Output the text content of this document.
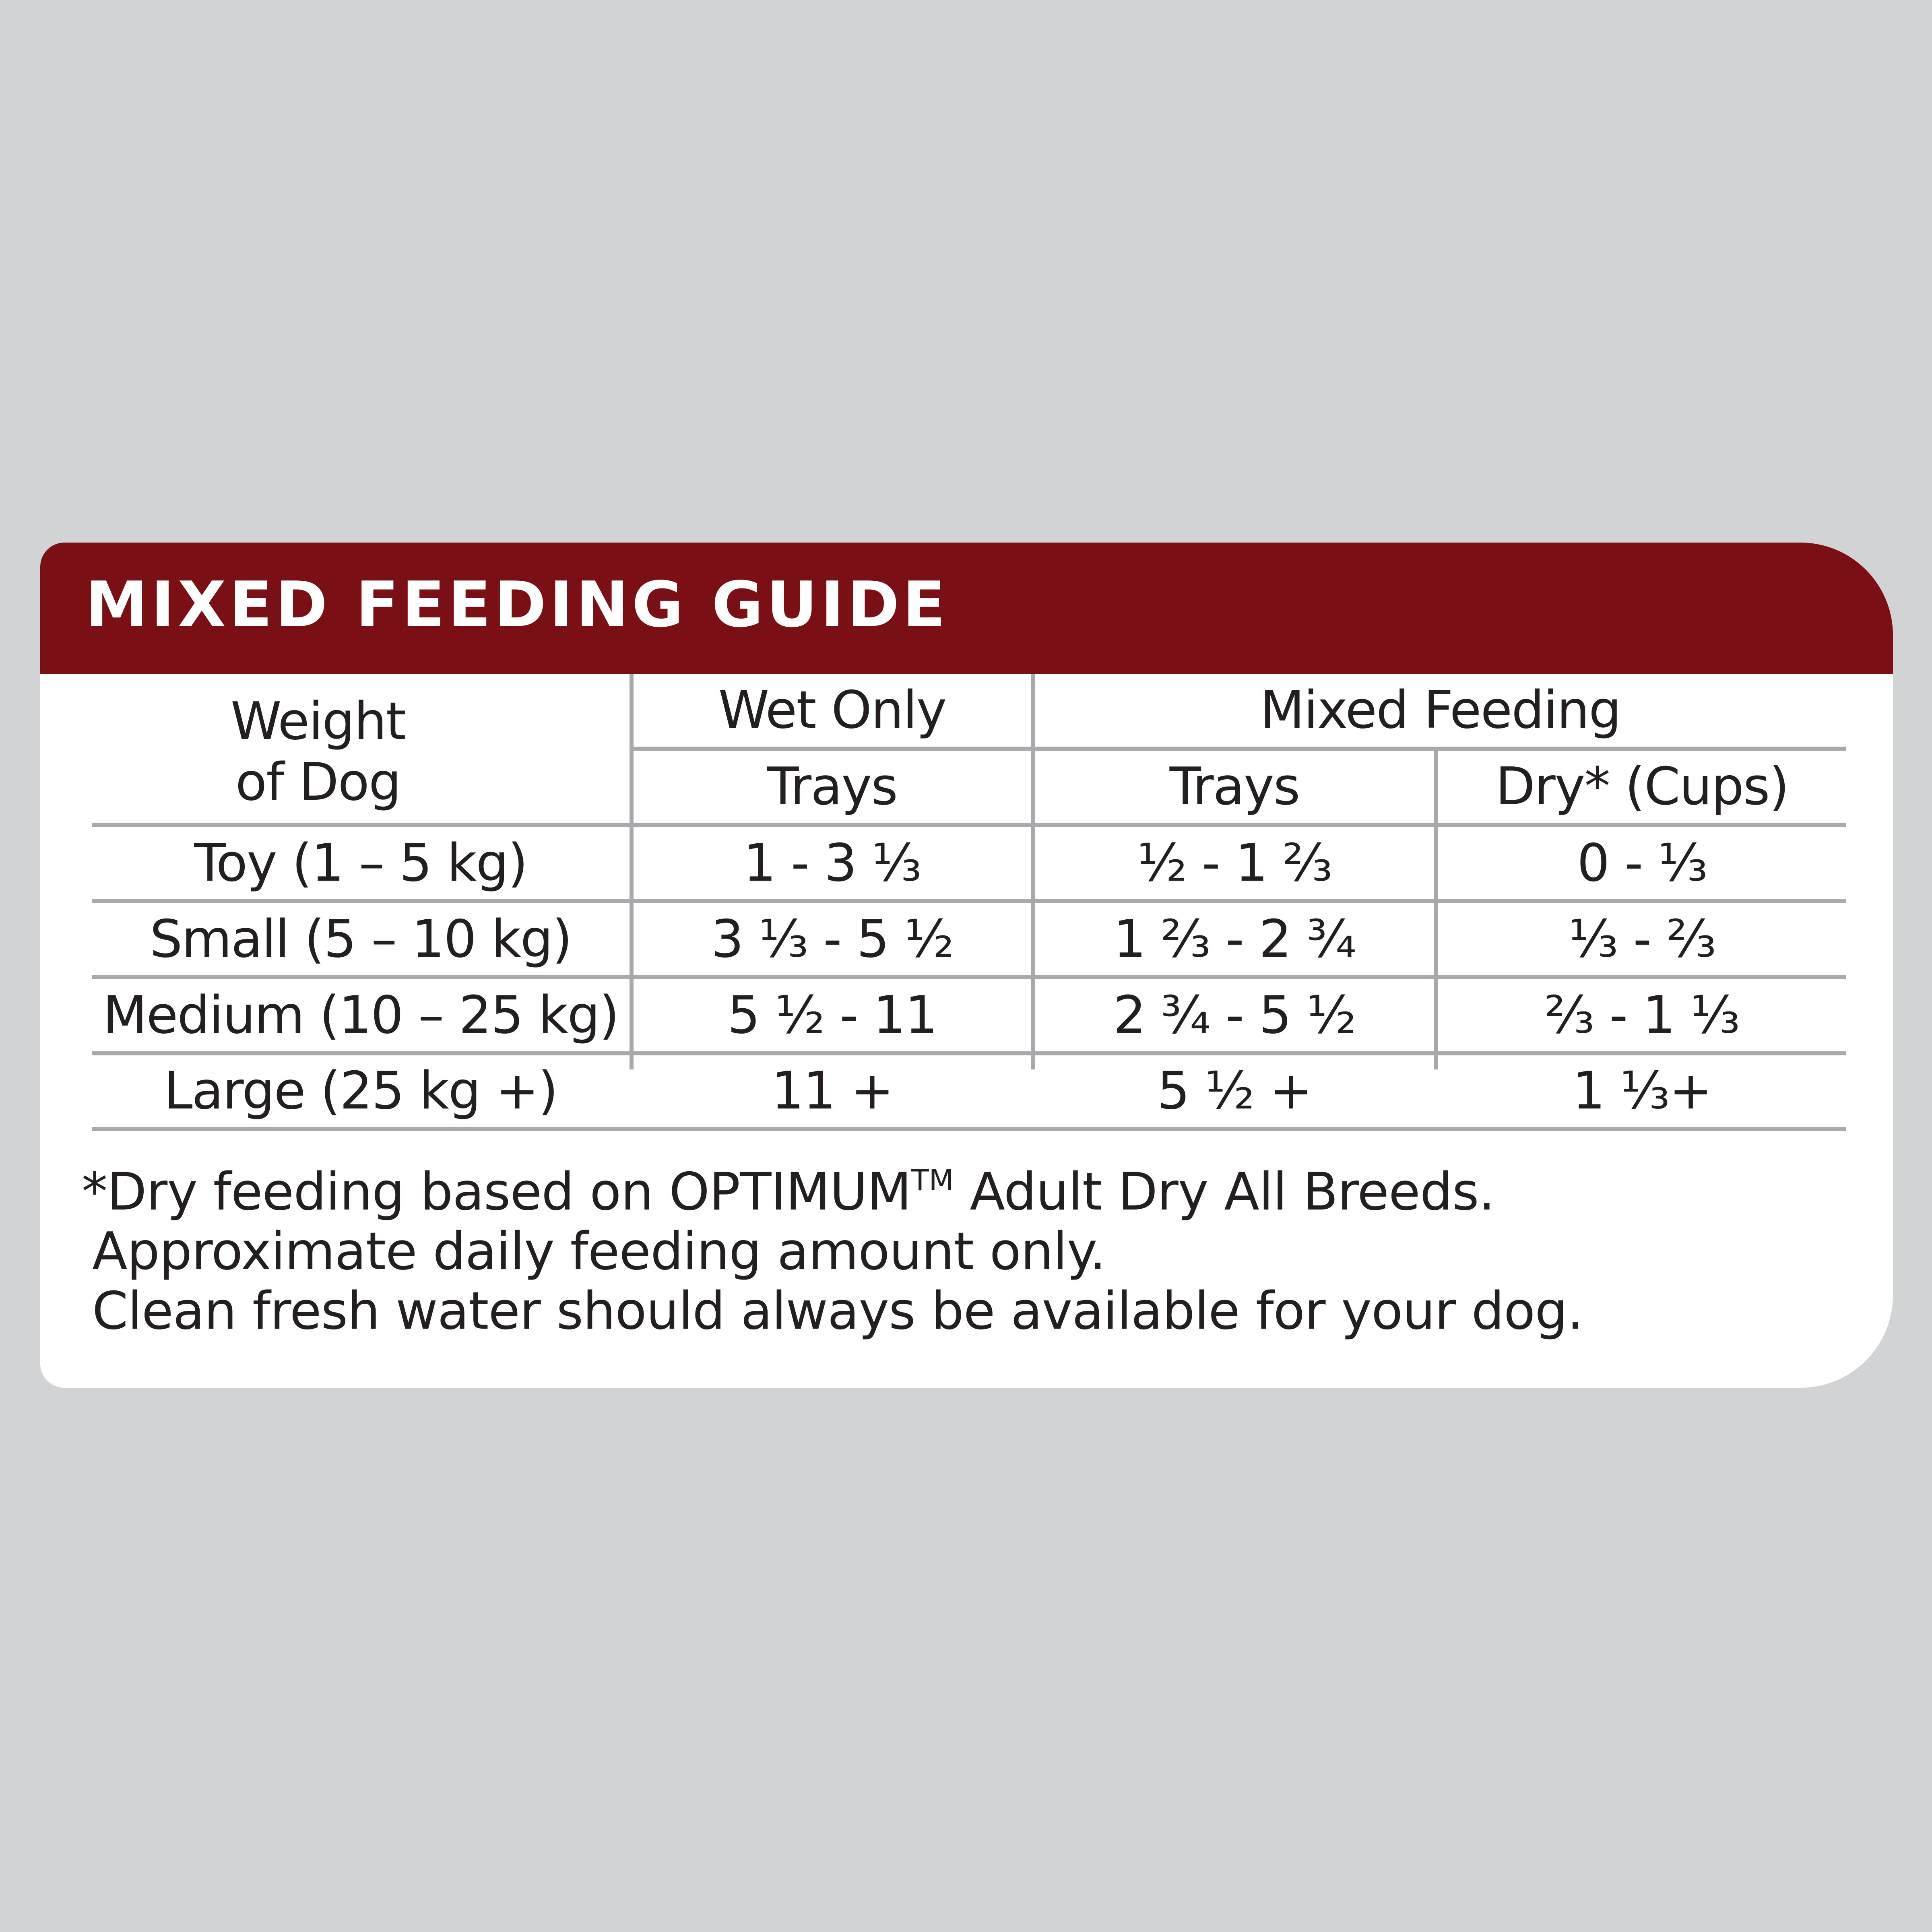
MIXED FEEDING GUIDE
Weight of Dog
Wet Only	Mixed Feeding
Trays	Trays	Dry* (Cups)
Toy (1 – 5 kg)	1 - 3 ⅓	½ - 1 ⅔	0 - ⅓
Small (5 – 10 kg)	3 ⅓ - 5 ½	1 ⅔ - 2 ¾	⅓ - ⅔
Medium (10 – 25 kg)	5 ½ - 11	2 ¾ - 5 ½	⅔ - 1 ⅓
Large (25 kg +)	11 +	5 ½ +	1 ⅓+
*Dry feeding based on OPTIMUM™ Adult Dry All Breeds.
Approximate daily feeding amount only.
Clean fresh water should always be available for your dog.
